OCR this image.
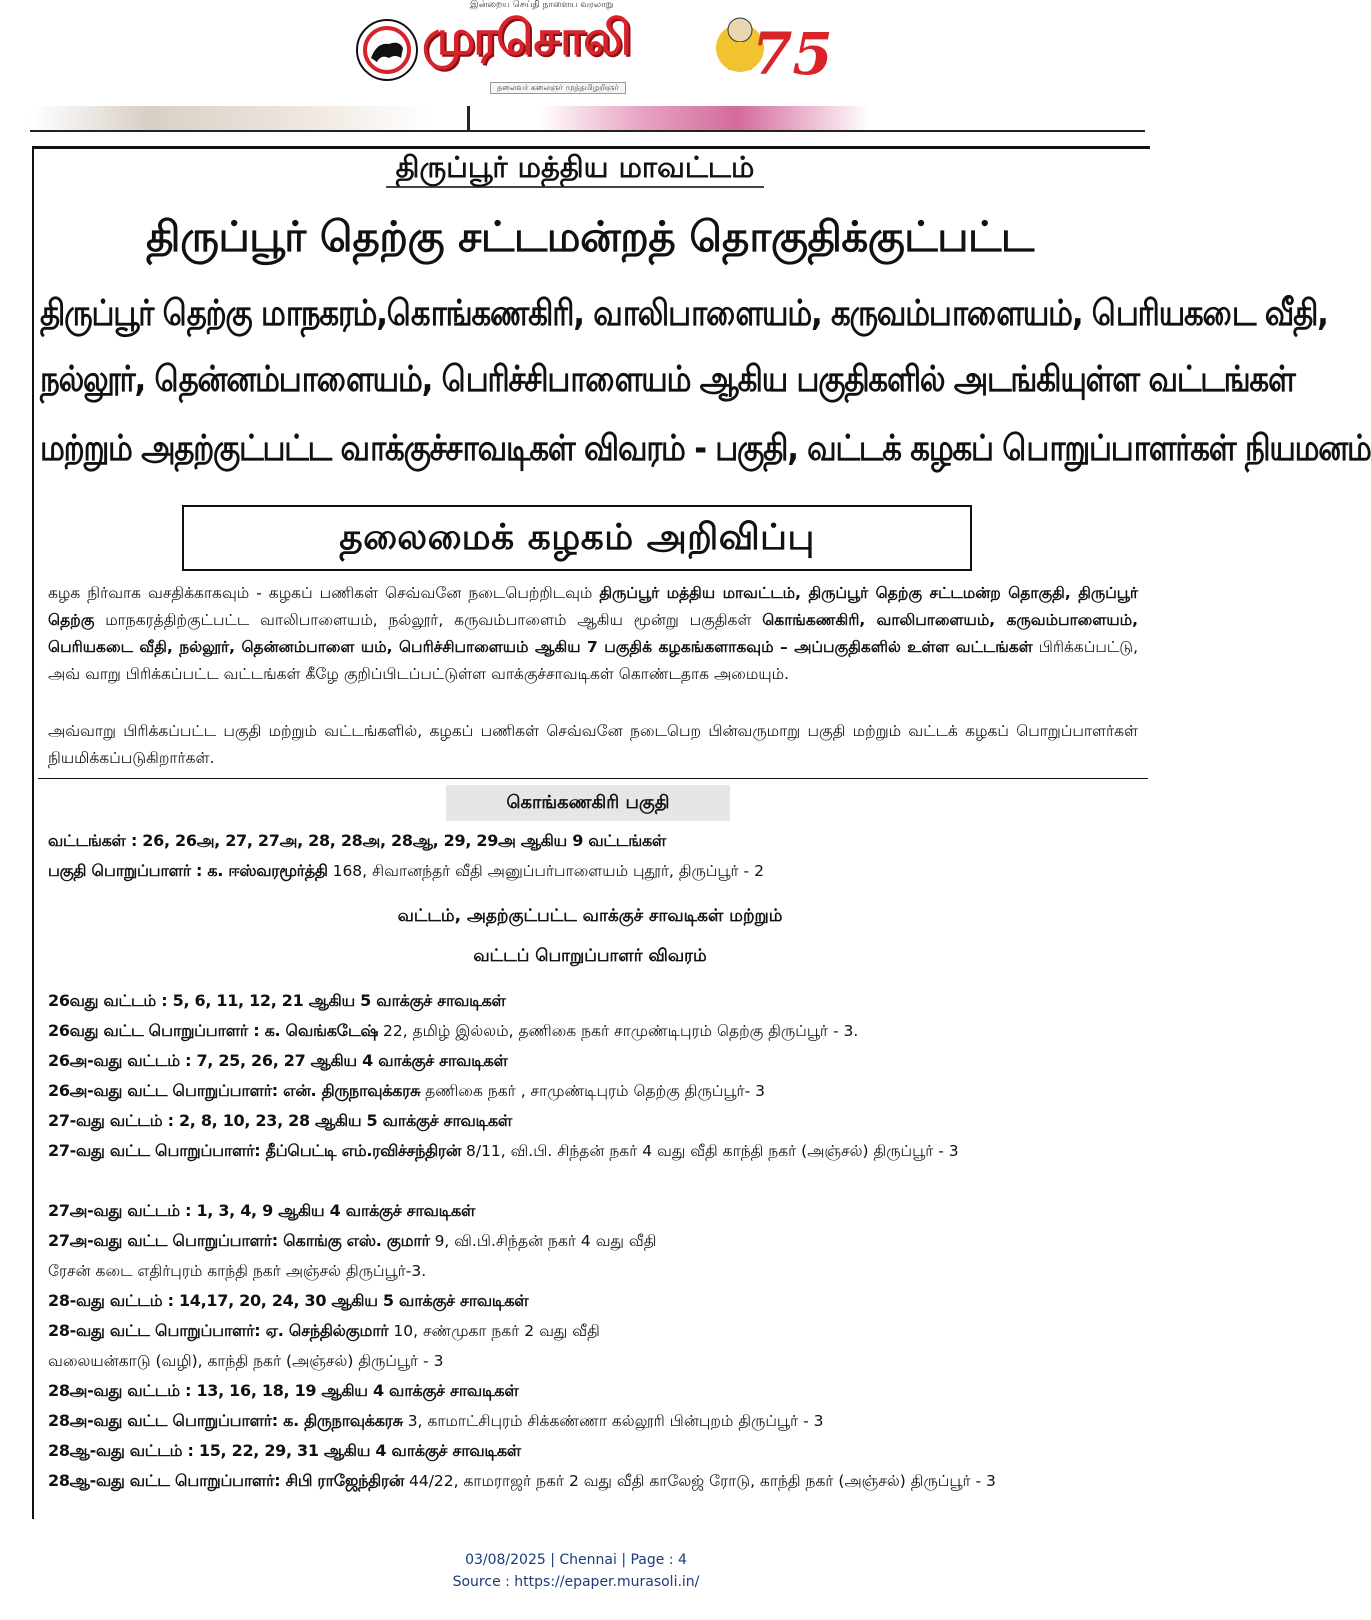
இன்றைய செய்தி நாளைய வரலாறு
முரசொலி
தலைவர் கலைஞர் முத்தமிழறிஞர் 75
திருப்பூர் மத்திய மாவட்டம்
திருப்பூர் தெற்கு சட்டமன்றத் தொகுதிக்குட்பட்ட
திருப்பூர் தெற்கு மாநகரம்,கொங்கணகிரி, வாலிபாளையம், கருவம்பாளையம், பெரியகடை வீதி,
நல்லூர், தென்னம்பாளையம், பெரிச்சிபாளையம் ஆகிய பகுதிகளில் அடங்கியுள்ள வட்டங்கள்
மற்றும் அதற்குட்பட்ட வாக்குச்சாவடிகள் விவரம் - பகுதி, வட்டக் கழகப் பொறுப்பாளர்கள் நியமனம்
தலைமைக் கழகம் அறிவிப்பு
கழக நிர்வாக வசதிக்காகவும் - கழகப் பணிகள் செவ்வனே நடைபெற்றிடவும் திருப்பூர் மத்திய மாவட்டம், திருப்பூர் தெற்கு சட்டமன்ற தொகுதி, திருப்பூர் தெற்கு மாநகரத்திற்குட்பட்ட வாலிபாளையம், நல்லூர், கருவம்பாளைம் ஆகிய மூன்று பகுதிகள் கொங்கணகிரி, வாலிபாளையம், கருவம்பாளையம், பெரியகடை வீதி, நல்லூர், தென்னம்பாளை யம், பெரிச்சிபாளையம் ஆகிய 7 பகுதிக் கழகங்களாகவும் – அப்பகுதிகளில் உள்ள வட்டங்கள் பிரிக்கப்பட்டு, அவ் வாறு பிரிக்கப்பட்ட வட்டங்கள் கீழே குறிப்பிடப்பட்டுள்ள வாக்குச்சாவடிகள் கொண்டதாக அமையும்.
அவ்வாறு பிரிக்கப்பட்ட பகுதி மற்றும் வட்டங்களில், கழகப் பணிகள் செவ்வனே நடைபெற பின்வருமாறு பகுதி மற்றும் வட்டக் கழகப் பொறுப்பாளர்கள் நியமிக்கப்படுகிறார்கள்.
கொங்கணகிரி பகுதி
வட்டங்கள் : 26, 26அ, 27, 27அ, 28, 28அ, 28ஆ, 29, 29அ ஆகிய 9 வட்டங்கள்
பகுதி பொறுப்பாளர் : க. ஈஸ்வரமூர்த்தி 168, சிவானந்தர் வீதி அனுப்பர்பாளையம் புதூர், திருப்பூர் - 2
வட்டம், அதற்குட்பட்ட வாக்குச் சாவடிகள் மற்றும்
வட்டப் பொறுப்பாளர் விவரம்
26வது வட்டம் : 5, 6, 11, 12, 21 ஆகிய 5 வாக்குச் சாவடிகள்
26வது வட்ட பொறுப்பாளர் : க. வெங்கடேஷ் 22, தமிழ் இல்லம், தணிகை நகர் சாமுண்டிபுரம் தெற்கு திருப்பூர் - 3.
26அ-வது வட்டம் : 7, 25, 26, 27 ஆகிய 4 வாக்குச் சாவடிகள்
26அ-வது வட்ட பொறுப்பாளர்: என். திருநாவுக்கரசு தணிகை நகர் , சாமுண்டிபுரம் தெற்கு திருப்பூர்- 3
27-வது வட்டம் : 2, 8, 10, 23, 28 ஆகிய 5 வாக்குச் சாவடிகள்
27-வது வட்ட பொறுப்பாளர்: தீப்பெட்டி எம்.ரவிச்சந்திரன் 8/11, வி.பி. சிந்தன் நகர் 4 வது வீதி காந்தி நகர் (அஞ்சல்) திருப்பூர் - 3
27அ-வது வட்டம் : 1, 3, 4, 9 ஆகிய 4 வாக்குச் சாவடிகள்
27அ-வது வட்ட பொறுப்பாளர்: கொங்கு எஸ். குமார் 9, வி.பி.சிந்தன் நகர் 4 வது வீதி
ரேசன் கடை எதிர்புரம் காந்தி நகர் அஞ்சல் திருப்பூர்-3.
28-வது வட்டம் : 14,17, 20, 24, 30 ஆகிய 5 வாக்குச் சாவடிகள்
28-வது வட்ட பொறுப்பாளர்: ஏ. செந்தில்குமார் 10, சண்முகா நகர் 2 வது வீதி
வலையன்காடு (வழி), காந்தி நகர் (அஞ்சல்) திருப்பூர் - 3
28அ-வது வட்டம் : 13, 16, 18, 19 ஆகிய 4 வாக்குச் சாவடிகள்
28அ-வது வட்ட பொறுப்பாளர்: க. திருநாவுக்கரசு 3, காமாட்சிபுரம் சிக்கண்ணா கல்லூரி பின்புறம் திருப்பூர் - 3
28ஆ-வது வட்டம் : 15, 22, 29, 31 ஆகிய 4 வாக்குச் சாவடிகள்
28ஆ-வது வட்ட பொறுப்பாளர்: சிபி ராஜேந்திரன் 44/22, காமராஜர் நகர் 2 வது வீதி காலேஜ் ரோடு, காந்தி நகர் (அஞ்சல்) திருப்பூர் - 3
03/08/2025 | Chennai | Page : 4
Source : https://epaper.murasoli.in/
